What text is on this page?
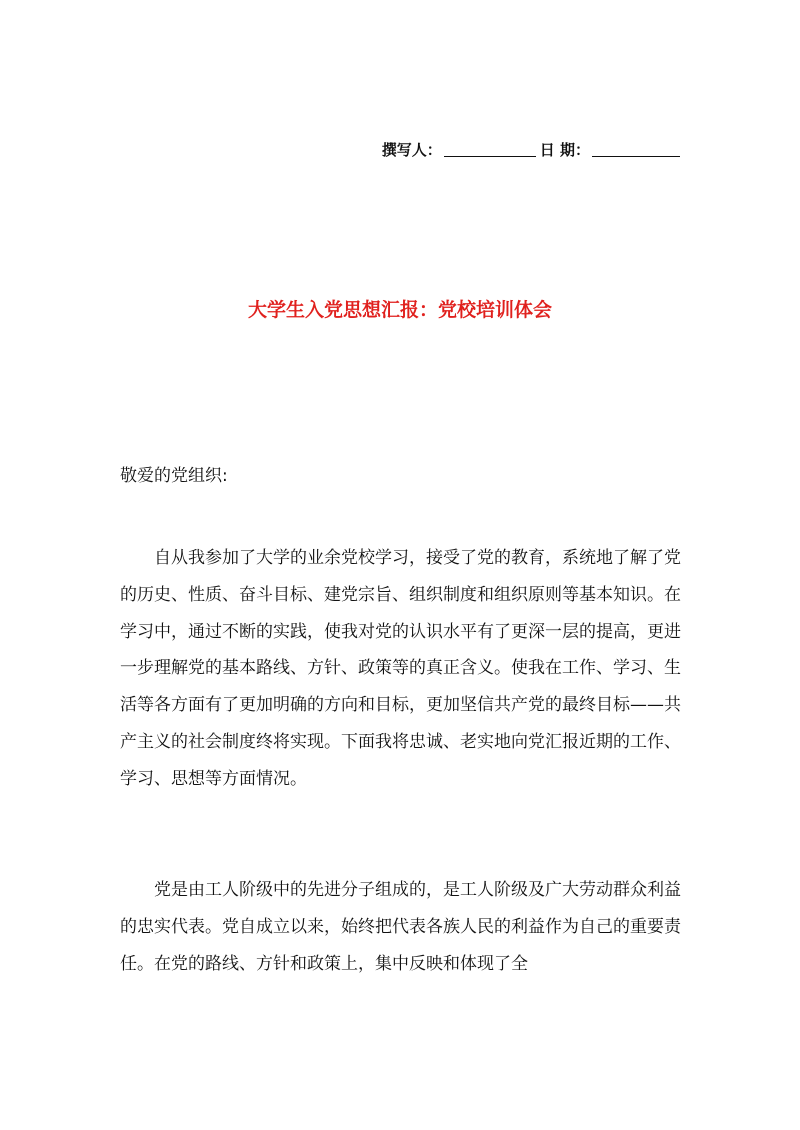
撰写人：	日 期：
大学生入党思想汇报：党校培训体会
敬爱的党组织:

自从我参加了大学的业余党校学习，接受了党的教育，系统地了解了党的历史、性质、奋斗目标、建党宗旨、组织制度和组织原则等基本知识。在学习中，通过不断的实践，使我对党的认识水平有了更深一层的提高，更进一步理解党的基本路线、方针、政策等的真正含义。使我在工作、学习、生活等各方面有了更加明确的方向和目标，更加坚信共产党的最终目标——共产主义的社会制度终将实现。下面我将忠诚、老实地向党汇报近期的工作、学习、思想等方面情况。

党是由工人阶级中的先进分子组成的，是工人阶级及广大劳动群众利益的忠实代表。党自成立以来，始终把代表各族人民的利益作为自己的重要责任。在党的路线、方针和政策上，集中反映和体现了全
